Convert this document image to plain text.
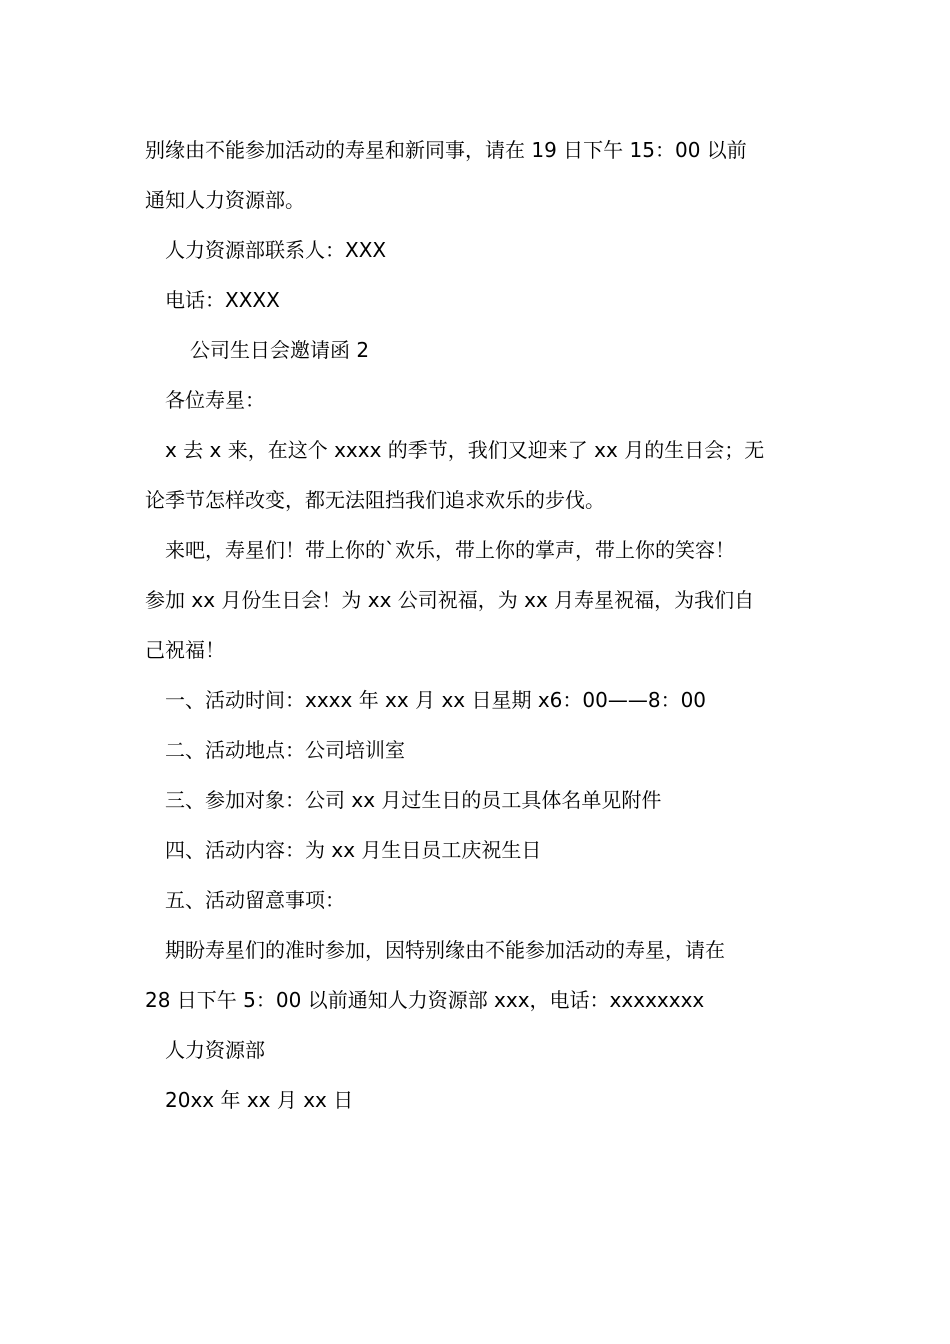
别缘由不能参加活动的寿星和新同事，请在 19 日下午 15：00 以前
通知人力资源部。
人力资源部联系人：XXX
电话：XXXX
公司生日会邀请函 2
各位寿星：
x 去 x 来，在这个 xxxx 的季节，我们又迎来了 xx 月的生日会；无
论季节怎样改变，都无法阻挡我们追求欢乐的步伐。
来吧，寿星们！带上你的`欢乐，带上你的掌声，带上你的笑容！
参加 xx 月份生日会！为 xx 公司祝福，为 xx 月寿星祝福，为我们自
己祝福！
一、活动时间：xxxx 年 xx 月 xx 日星期 x6：00——8：00
二、活动地点：公司培训室
三、参加对象：公司 xx 月过生日的员工具体名单见附件
四、活动内容：为 xx 月生日员工庆祝生日
五、活动留意事项：
期盼寿星们的准时参加，因特别缘由不能参加活动的寿星，请在
28 日下午 5：00 以前通知人力资源部 xxx，电话：xxxxxxxx
人力资源部
20xx 年 xx 月 xx 日
